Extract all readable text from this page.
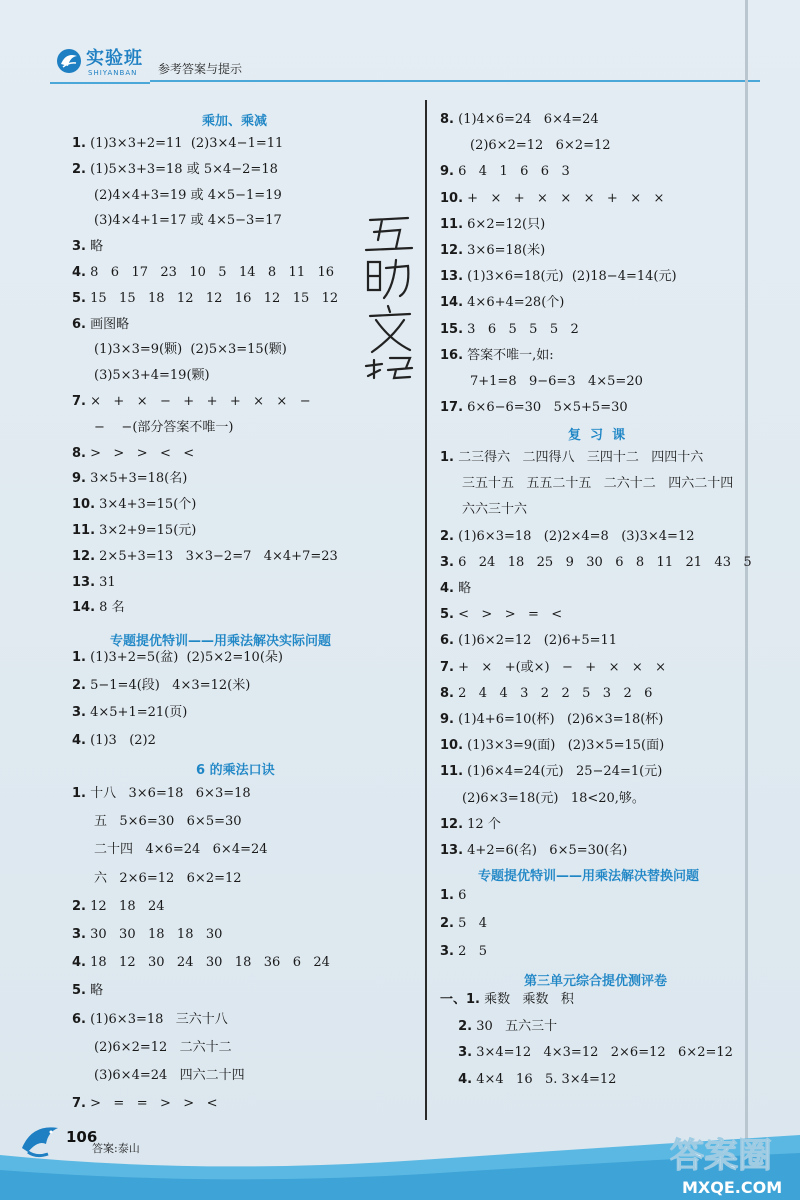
实验班
SHIYANBAN 参考答案与提示
乘加、乘减
1. (1)3×3+2=11  (2)3×4−1=11
2. (1)5×3+3=18 或 5×4−2=18
(2)4×4+3=19 或 4×5−1=19
(3)4×4+1=17 或 4×5−3=17
3. 略
4. 8   6   17   23   10   5   14   8   11   16
5. 15   15   18   12   12   16   12   15   12
6. 画图略
(1)3×3=9(颗)  (2)5×3=15(颗)
(3)5×3+4=19(颗)
7. ×   +   ×   −   +   +   +   ×   ×   −
−    −(部分答案不唯一)
8. >   >   >   <   <
9. 3×5+3=18(名)
10. 3×4+3=15(个)
11. 3×2+9=15(元)
12. 2×5+3=13   3×3−2=7   4×4+7=23
13. 31
14. 8 名
专题提优特训——用乘法解决实际问题
1. (1)3+2=5(盆)  (2)5×2=10(朵)
2. 5−1=4(段)   4×3=12(米)
3. 4×5+1=21(页)
4. (1)3   (2)2
6 的乘法口诀
1. 十八   3×6=18   6×3=18
五   5×6=30   6×5=30
二十四   4×6=24   6×4=24
六   2×6=12   6×2=12
2. 12   18   24
3. 30   30   18   18   30
4. 18   12   30   24   30   18   36   6   24
5. 略
6. (1)6×3=18   三六十八
(2)6×2=12   二六十二
(3)6×4=24   四六二十四
7. >   =   =   >   >   <
8. (1)4×6=24   6×4=24
(2)6×2=12   6×2=12
9. 6   4   1   6   6   3
10. +   ×   +   ×   ×   ×   +   ×   ×
11. 6×2=12(只)
12. 3×6=18(米)
13. (1)3×6=18(元)  (2)18−4=14(元)
14. 4×6+4=28(个)
15. 3   6   5   5   5   2
16. 答案不唯一,如:
7+1=8   9−6=3   4×5=20
17. 6×6−6=30   5×5+5=30
复  习  课
1. 二三得六   二四得八   三四十二   四四十六
三五十五   五五二十五   二六十二   四六二十四
六六三十六
2. (1)6×3=18   (2)2×4=8   (3)3×4=12
3. 6   24   18   25   9   30   6   8   11   21   43   5
4. 略
5. <   >   >   =   <
6. (1)6×2=12   (2)6+5=11
7. +   ×   +(或×)   −   +   ×   ×   ×
8. 2   4   4   3   2   2   5   3   2   6
9. (1)4+6=10(杯)   (2)6×3=18(杯)
10. (1)3×3=9(面)   (2)3×5=15(面)
11. (1)6×4=24(元)   25−24=1(元)
(2)6×3=18(元)   18<20,够。
12. 12 个
13. 4+2=6(名)   6×5=30(名)
专题提优特训——用乘法解决替换问题
1. 6
2. 5   4
3. 2   5
第三单元综合提优测评卷
一、1. 乘数   乘数   积
2. 30   五六三十
3. 3×4=12   4×3=12   2×6=12   6×2=12
4. 4×4   16   5. 3×4=12
106
答案:泰山	答案圈
MXQE.COM
